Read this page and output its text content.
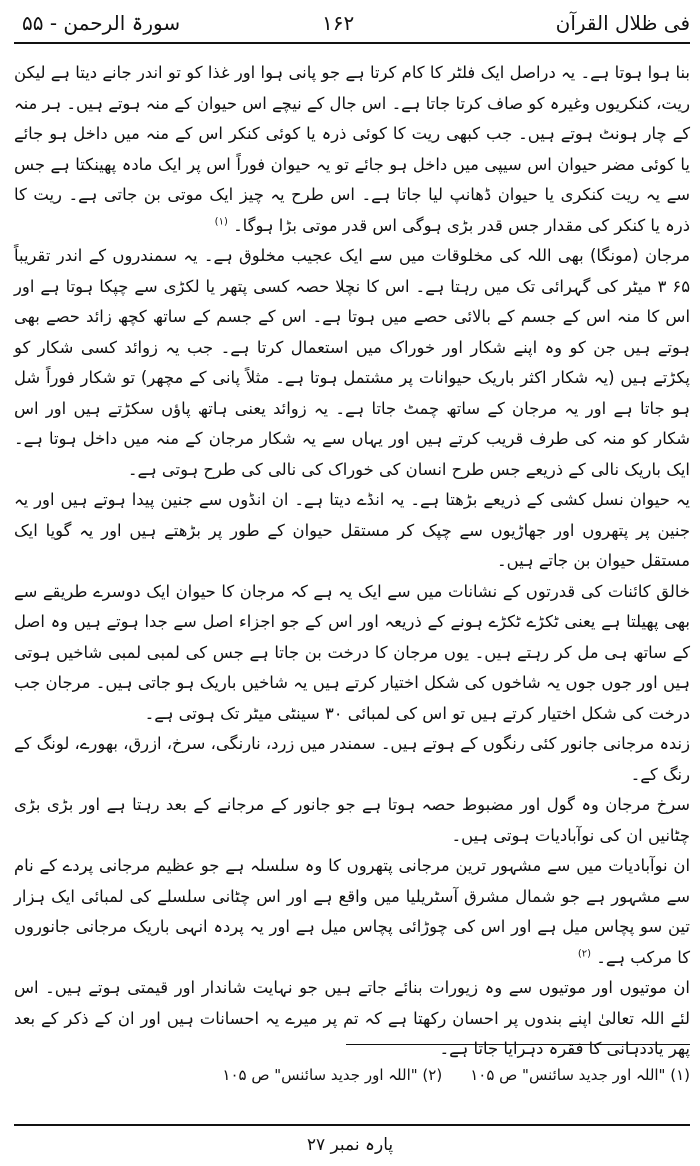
فی ظلال القرآن
۱۶۲
سورۃ الرحمن - ۵۵

بنا ہوا ہوتا ہے۔ یہ دراصل ایک فلٹر کا کام کرتا ہے جو پانی ہوا اور غذا کو تو اندر جانے دیتا ہے لیکن ریت، کنکریوں وغیرہ کو صاف کرتا جاتا ہے۔ اس جال کے نیچے اس حیوان کے منہ ہوتے ہیں۔ ہر منہ کے چار ہونٹ ہوتے ہیں۔ جب کبھی ریت کا کوئی ذرہ یا کوئی کنکر اس کے منہ میں داخل ہو جائے یا کوئی مضر حیوان اس سیپی میں داخل ہو جائے تو یہ حیوان فوراً اس پر ایک مادہ پھینکتا ہے جس سے یہ ریت کنکری یا حیوان ڈھانپ لیا جاتا ہے۔ اس طرح یہ چیز ایک موتی بن جاتی ہے۔ ریت کا ذرہ یا کنکر کی مقدار جس قدر بڑی ہوگی اس قدر موتی بڑا ہوگا۔ $^{(۱)}$

مرجان (مونگا) بھی اللہ کی مخلوقات میں سے ایک عجیب مخلوق ہے۔ یہ سمندروں کے اندر تقریباً ۶۵ ۳ میٹر کی گہرائی تک میں رہتا ہے۔ اس کا نچلا حصہ کسی پتھر یا لکڑی سے چپکا ہوتا ہے اور اس کا منہ اس کے جسم کے بالائی حصے میں ہوتا ہے۔ اس کے جسم کے ساتھ کچھ زائد حصے بھی ہوتے ہیں جن کو وہ اپنے شکار اور خوراک میں استعمال کرتا ہے۔ جب یہ زوائد کسی شکار کو پکڑتے ہیں (یہ شکار اکثر باریک حیوانات پر مشتمل ہوتا ہے۔ مثلاً پانی کے مچھر) تو شکار فوراً شل ہو جاتا ہے اور یہ مرجان کے ساتھ چمٹ جاتا ہے۔ یہ زوائد یعنی ہاتھ پاؤں سکڑتے ہیں اور اس شکار کو منہ کی طرف قریب کرتے ہیں اور یہاں سے یہ شکار مرجان کے منہ میں داخل ہوتا ہے۔ ایک باریک نالی کے ذریعے جس طرح انسان کی خوراک کی نالی کی طرح ہوتی ہے۔

یہ حیوان نسل کشی کے ذریعے بڑھتا ہے۔ یہ انڈے دیتا ہے۔ ان انڈوں سے جنین پیدا ہوتے ہیں اور یہ جنین پر پتھروں اور جھاڑیوں سے چپک کر مستقل حیوان کے طور پر بڑھتے ہیں اور یہ گویا ایک مستقل حیوان بن جاتے ہیں۔

خالق کائنات کی قدرتوں کے نشانات میں سے ایک یہ ہے کہ مرجان کا حیوان ایک دوسرے طریقے سے بھی پھیلتا ہے یعنی ٹکڑے ٹکڑے ہونے کے ذریعہ اور اس کے جو اجزاء اصل سے جدا ہوتے ہیں وہ اصل کے ساتھ ہی مل کر رہتے ہیں۔ یوں مرجان کا درخت بن جاتا ہے جس کی لمبی لمبی شاخیں ہوتی ہیں اور جوں جوں یہ شاخوں کی شکل اختیار کرتے ہیں یہ شاخیں باریک ہو جاتی ہیں۔ مرجان جب درخت کی شکل اختیار کرتے ہیں تو اس کی لمبائی ۳۰ سینٹی میٹر تک ہوتی ہے۔

زندہ مرجانی جانور کئی رنگوں کے ہوتے ہیں۔ سمندر میں زرد، نارنگی، سرخ، ازرق، بھورے، لونگ کے رنگ کے۔

سرخ مرجان وہ گول اور مضبوط حصہ ہوتا ہے جو جانور کے مرجانے کے بعد رہتا ہے اور بڑی بڑی چٹانیں ان کی نوآبادیات ہوتی ہیں۔

ان نوآبادیات میں سے مشہور ترین مرجانی پتھروں کا وہ سلسلہ ہے جو عظیم مرجانی پردے کے نام سے مشہور ہے جو شمال مشرق آسٹریلیا میں واقع ہے اور اس چٹانی سلسلے کی لمبائی ایک ہزار تین سو پچاس میل ہے اور اس کی چوڑائی پچاس میل ہے اور یہ پردہ انہی باریک مرجانی جانوروں کا مرکب ہے۔ $^{(۲)}$

ان موتیوں اور موتیوں سے وہ زیورات بنائے جاتے ہیں جو نہایت شاندار اور قیمتی ہوتے ہیں۔ اس لئے اللہ تعالیٰ اپنے بندوں پر احسان رکھتا ہے کہ تم پر میرے یہ احسانات ہیں اور ان کے ذکر کے بعد پھر یاددہانی کا فقرہ دہرایا جاتا ہے۔

(۱) "اللہ اور جدید سائنس" ص ۱۰۵(۲) "اللہ اور جدید سائنس" ص ۱۰۵
پارہ نمبر ۲۷
